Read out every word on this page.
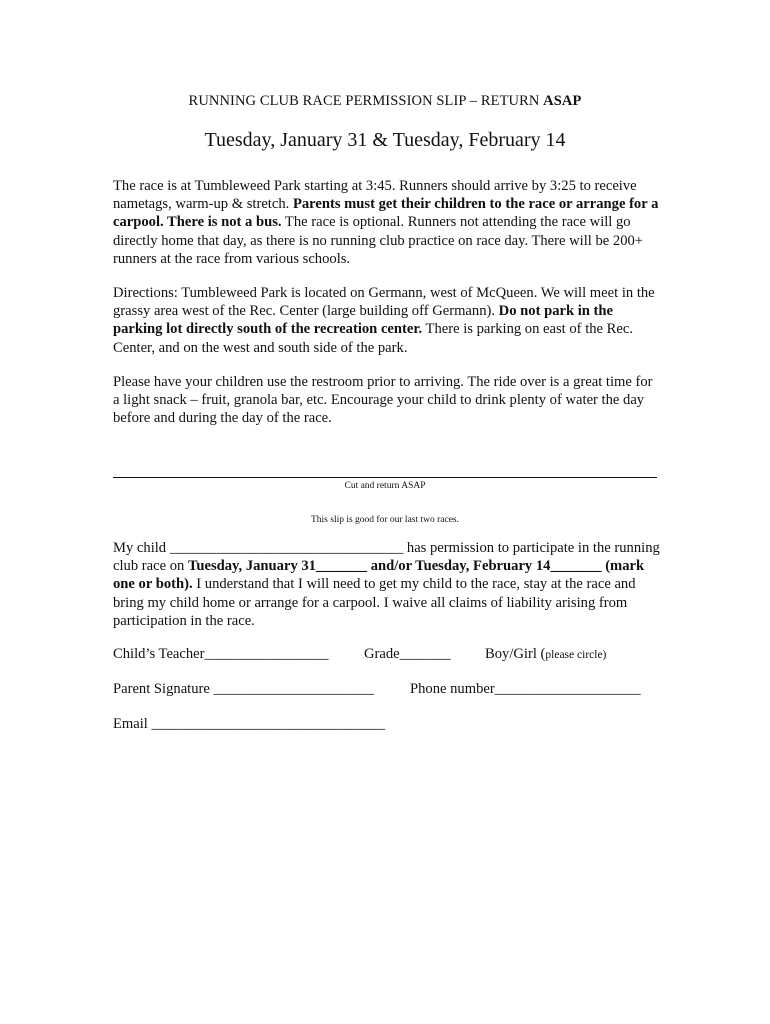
RUNNING CLUB RACE PERMISSION SLIP – RETURN ASAP
Tuesday, January 31 & Tuesday, February 14
The race is at Tumbleweed Park starting at 3:45. Runners should arrive by 3:25 to receive nametags, warm-up & stretch. Parents must get their children to the race or arrange for a carpool. There is not a bus. The race is optional. Runners not attending the race will go directly home that day, as there is no running club practice on race day. There will be 200+ runners at the race from various schools.
Directions: Tumbleweed Park is located on Germann, west of McQueen. We will meet in the grassy area west of the Rec. Center (large building off Germann). Do not park in the parking lot directly south of the recreation center. There is parking on east of the Rec. Center, and on the west and south side of the park.
Please have your children use the restroom prior to arriving. The ride over is a great time for a light snack – fruit, granola bar, etc. Encourage your child to drink plenty of water the day before and during the day of the race.
Cut and return ASAP
This slip is good for our last two races.
My child ________________________________ has permission to participate in the running club race on Tuesday, January 31_______ and/or Tuesday, February 14_______ (mark one or both). I understand that I will need to get my child to the race, stay at the race and bring my child home or arrange for a carpool. I waive all claims of liability arising from participation in the race.
Child’s Teacher_________________ Grade_______ Boy/Girl (please circle)
Parent Signature ______________________ Phone number____________________
Email ________________________________
